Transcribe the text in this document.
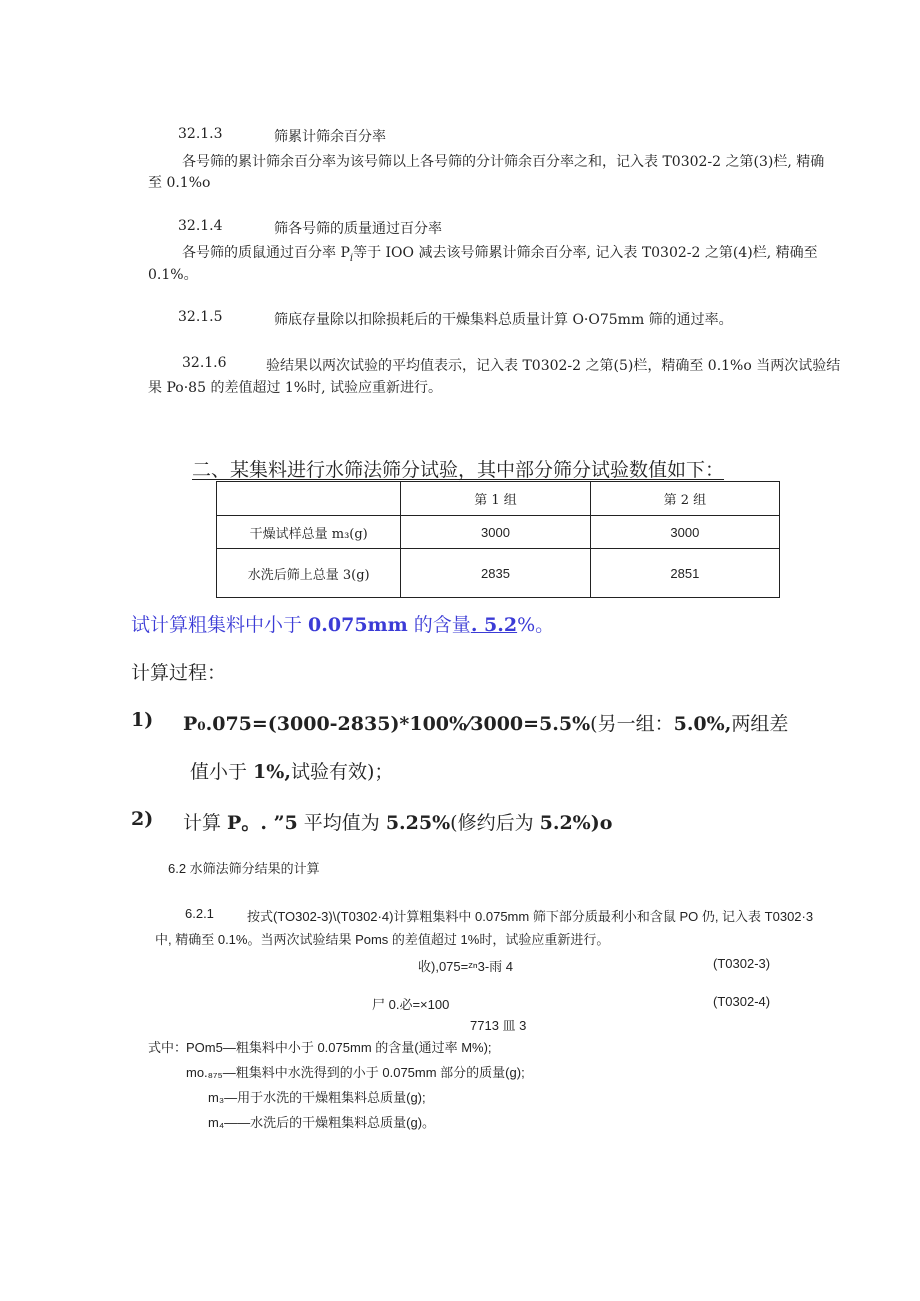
32.1.3	筛累计筛余百分率
各号筛的累计筛余百分率为该号筛以上各号筛的分计筛余百分率之和，记入表 T0302-2 之第(3)栏, 精确
至 0.1%o
32.1.4	筛各号筛的质量通过百分率
各号筛的质鼠通过百分率 $P_i$等于 IOO 减去该号筛累计筛余百分率, 记入表 T0302-2 之第(4)栏, 精确至
0.1%。
32.1.5	筛底存量除以扣除损耗后的干燥集料总质量计算 O·O75mm 筛的通过率。
32.1.6	验结果以两次试验的平均值表示，记入表 T0302-2 之第(5)栏，精确至 0.1%o 当两次试验结
果 Po·85 的差值超过 1%时, 试验应重新进行。
二、某集料进行水筛法筛分试验，其中部分筛分试验数值如下：
	第 1 组	第 2 组
干燥试样总量 m₃(g)	3000	3000
水洗后筛上总量 3(g)	2835	2851
试计算粗集料中小于 0.075mm 的含量. 5.2%。
计算过程：
1) P₀.075=(3000-2835)*100%⁄3000=5.5%(另一组：5.0%,两组差
值小于 1%,试验有效)；
2) 计算 P。. ”5 平均值为 5.25%(修约后为 5.2%)o
6.2 水筛法筛分结果的计算
6.2.1	按式(TO302-3)\(T0302·4)计算粗集料中 0.075mm 筛下部分质最利小和含鼠 PO 仍, 记入表 T0302·3
中, 精确至 0.1%。当两次试验结果 Poms 的差值超过 1%时，试验应重新进行。
收),075=ᶻⁿ3-雨 4	(T0302-3)
尸 0.必=×100	(T0302-4)
7713 皿 3
式中：
POm5—粗集料中小于 0.075mm 的含量(通过率 M%);
mo.₈₇₅—粗集料中水洗得到的小于 0.075mm 部分的质量(g);
m₃—用于水洗的干燥粗集料总质量(g);
m₄——水洗后的干燥粗集料总质量(g)。
